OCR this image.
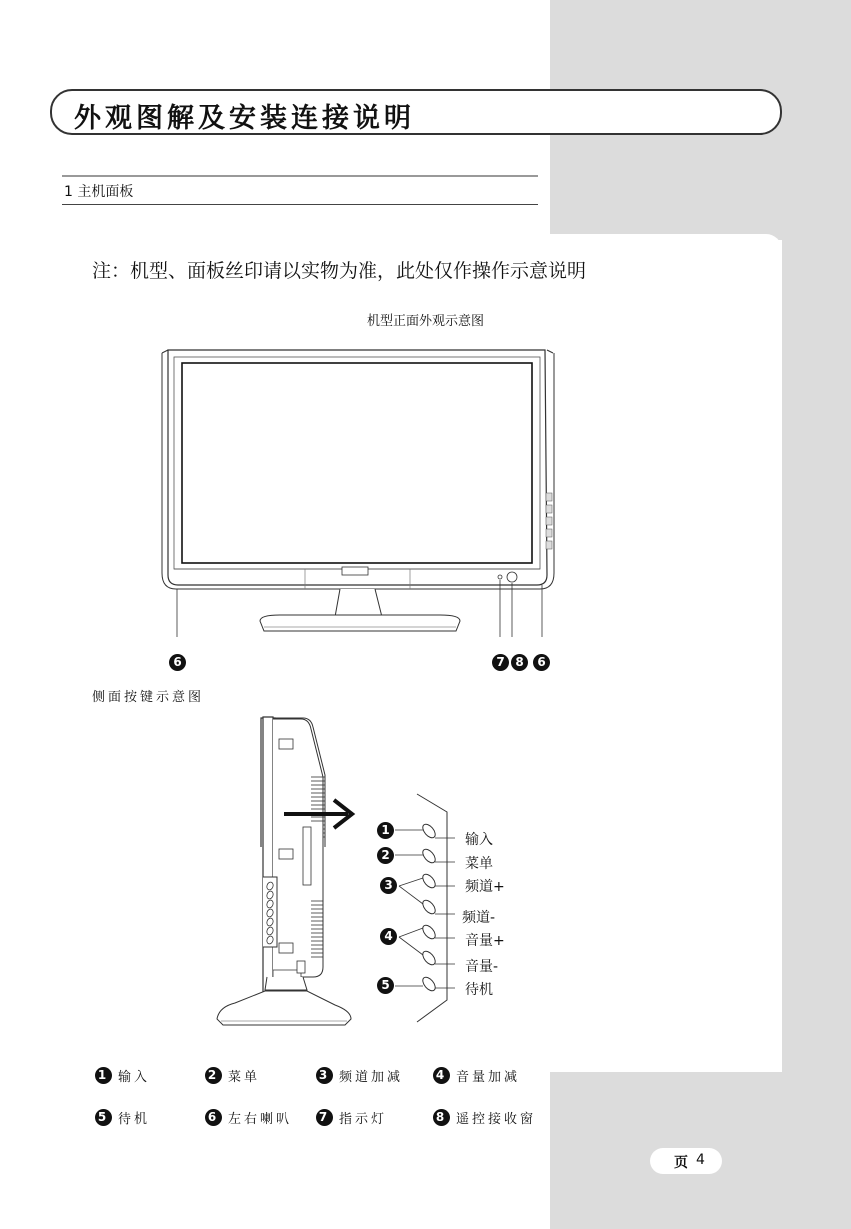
外观图解及安装连接说明
1 主机面板
注：机型、面板丝印请以实物为准，此处仅作操作示意说明
机型正面外观示意图
6	7 8	6
侧面按键示意图
1
2
3
4
5
输入
菜单
频道+
频道-
音量+
音量-
待机
1 输入	2 菜单	3 频道加减	4 音量加减
5 待机	6 左右喇叭 7 指示灯	8 遥控接收窗
页 4
